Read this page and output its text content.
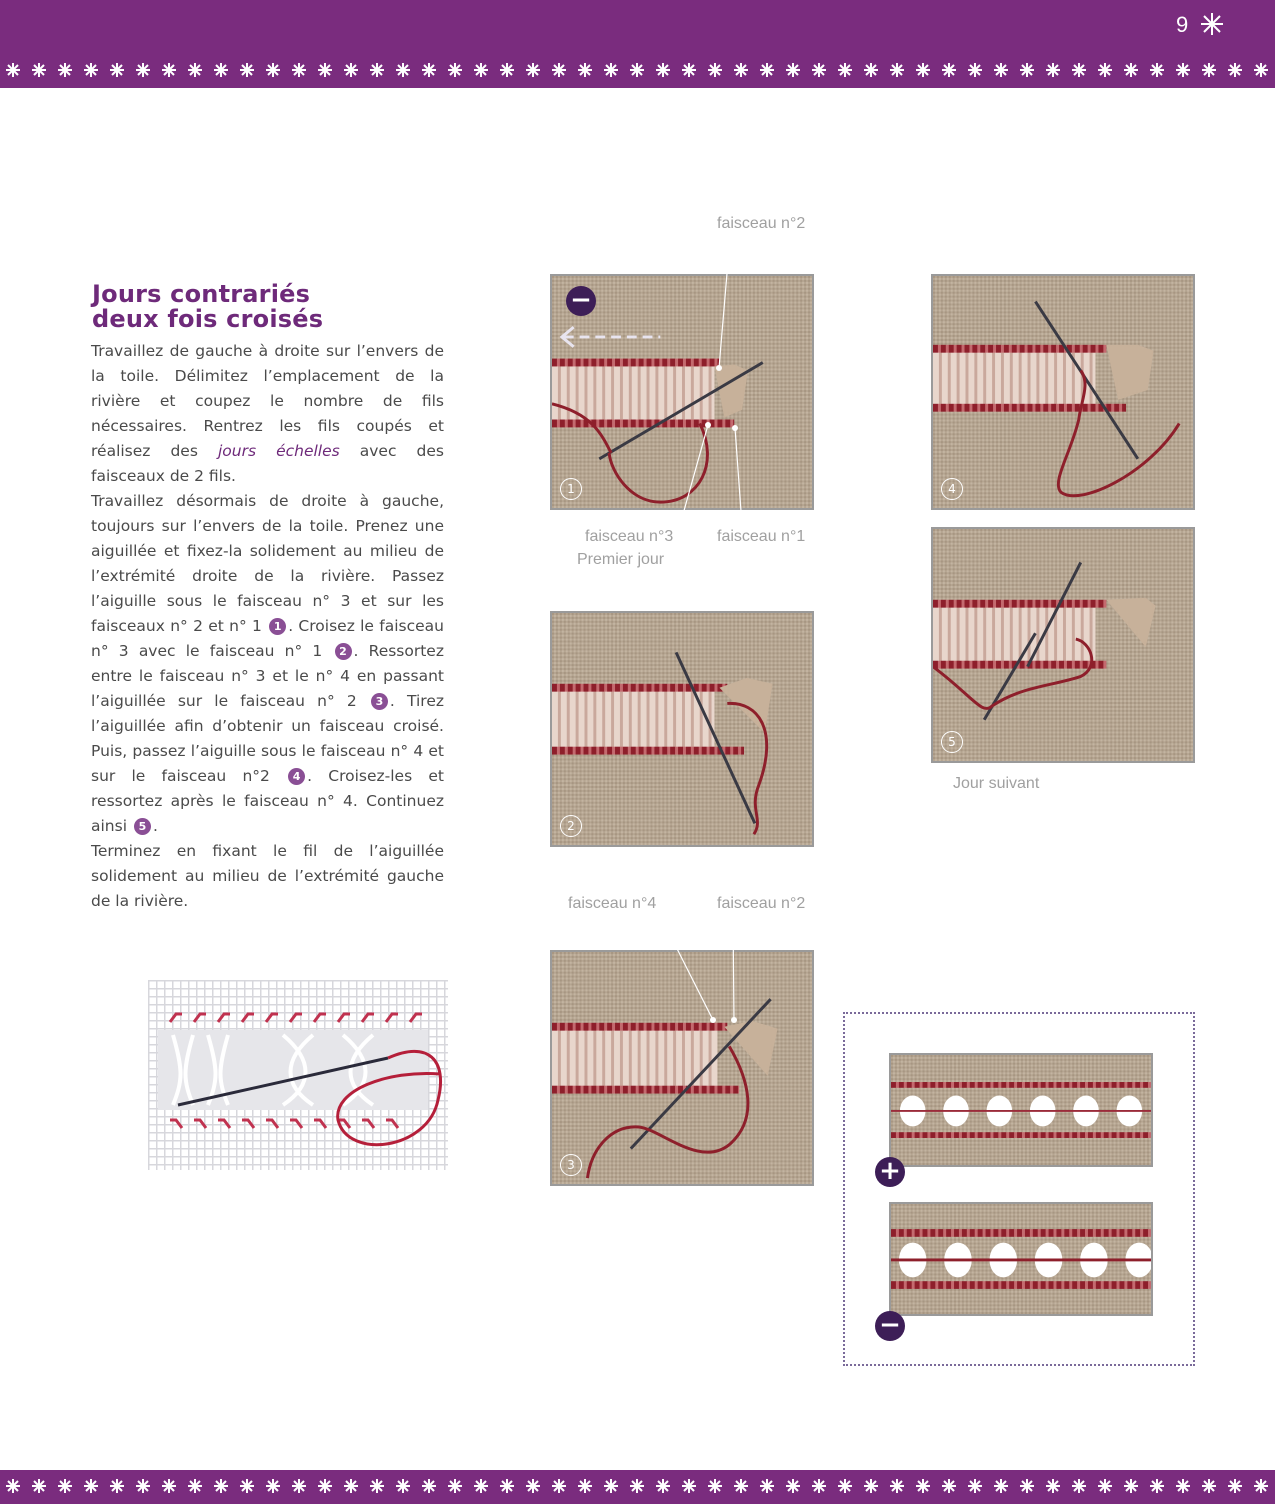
9
Jours contrariés
deux fois croisés

Travaillez de gauche à droite sur l’envers de la toile. Délimitez l’emplacement de la rivière et coupez le nombre de fils nécessaires. Rentrez les fils coupés et réalisez des jours échelles avec des faisceaux de 2 fils.

Travaillez désormais de droite à gauche, toujours sur l’envers de la toile. Prenez une aiguillée et fixez-la solidement au milieu de l’extrémité droite de la rivière. Passez l’aiguille sous le faisceau n° 3 et sur les faisceaux n° 2 et n° 1 1 . Croisez le faisceau n° 3 avec le faisceau n° 1 2 . Ressortez entre le faisceau n° 3 et le n° 4 en passant l’aiguillée sur le faisceau n° 2 3 . Tirez l’aiguillée afin d’obtenir un faisceau croisé. Puis, passez l’aiguille sous le faisceau n° 4 et sur le faisceau n°2 4 . Croisez-les et ressortez après le faisceau n° 4. Continuez ainsi 5 .

Terminez en fixant le fil de l’aiguillée solidement au milieu de l’extrémité gauche de la rivière.

−
1
2
3
4
5
+
−
faisceau n°2
faisceau n°3
Premier jour
faisceau n°1
Jour suivant
faisceau n°4	faisceau n°2
